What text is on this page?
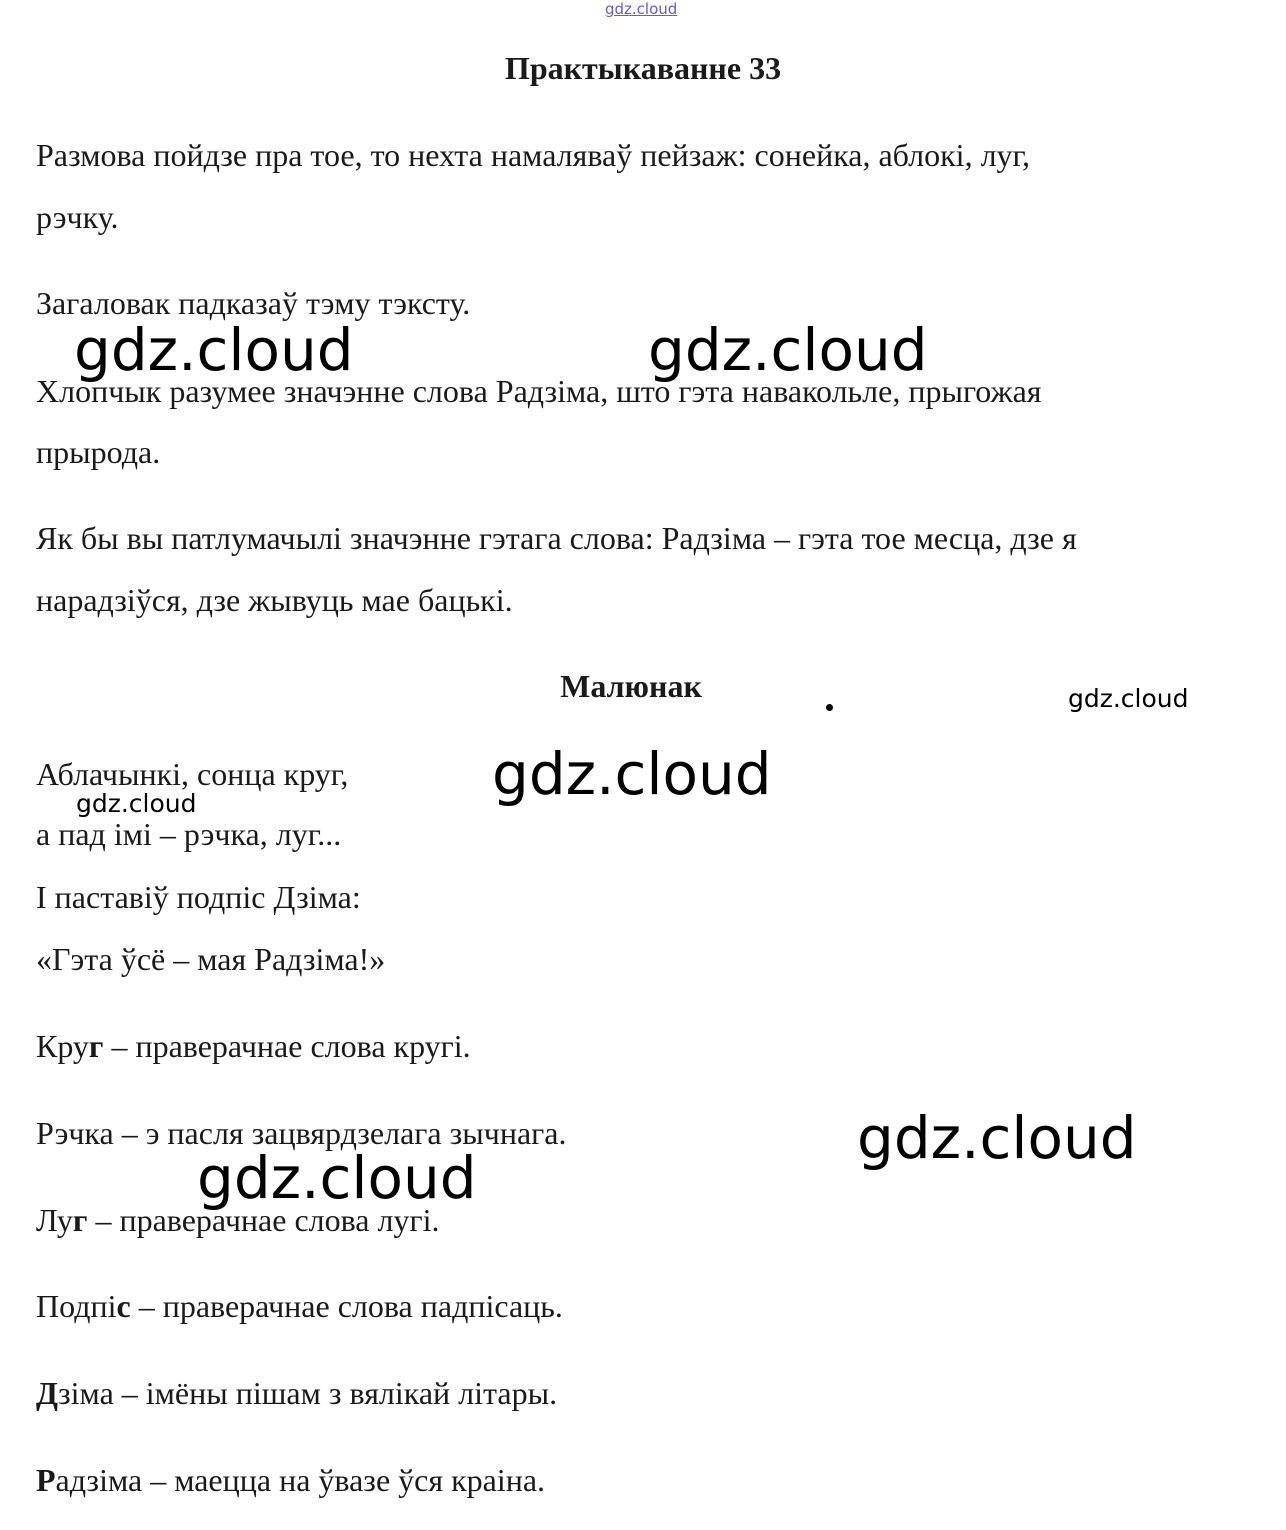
gdz.cloud
Практыкаванне 33
Размова пойдзе пра тое, то нехта намаляваў пейзаж: сонейка, аблокі, луг,
рэчку.
Загаловак падказаў тэму тэксту.
Хлопчык разумее значэнне слова Радзіма, што гэта навакольле, прыгожая
прырода.
Як бы вы патлумачылі значэнне гэтага слова: Радзіма – гэта тое месца, дзе я
нарадзіўся, дзе жывуць мае бацькі.
Малюнак
Аблачынкі, сонца круг,
а пад імі – рэчка, луг...
І паставіў подпіс Дзіма:
«Гэта ўсё – мая Радзіма!»
Круг – праверачнае слова кругі.
Рэчка – э пасля зацвярдзелага зычнага.
Луг – праверачнае слова лугі.
Подпіс – праверачнае слова падпісаць.
Дзіма – імёны пішам з вялікай літары.
Радзіма – маецца на ўвазе ўся краіна.
gdz.cloud	gdz.cloud
gdz.cloud
gdz.cloud
gdz.cloud
gdz.cloud
gdz.cloud
